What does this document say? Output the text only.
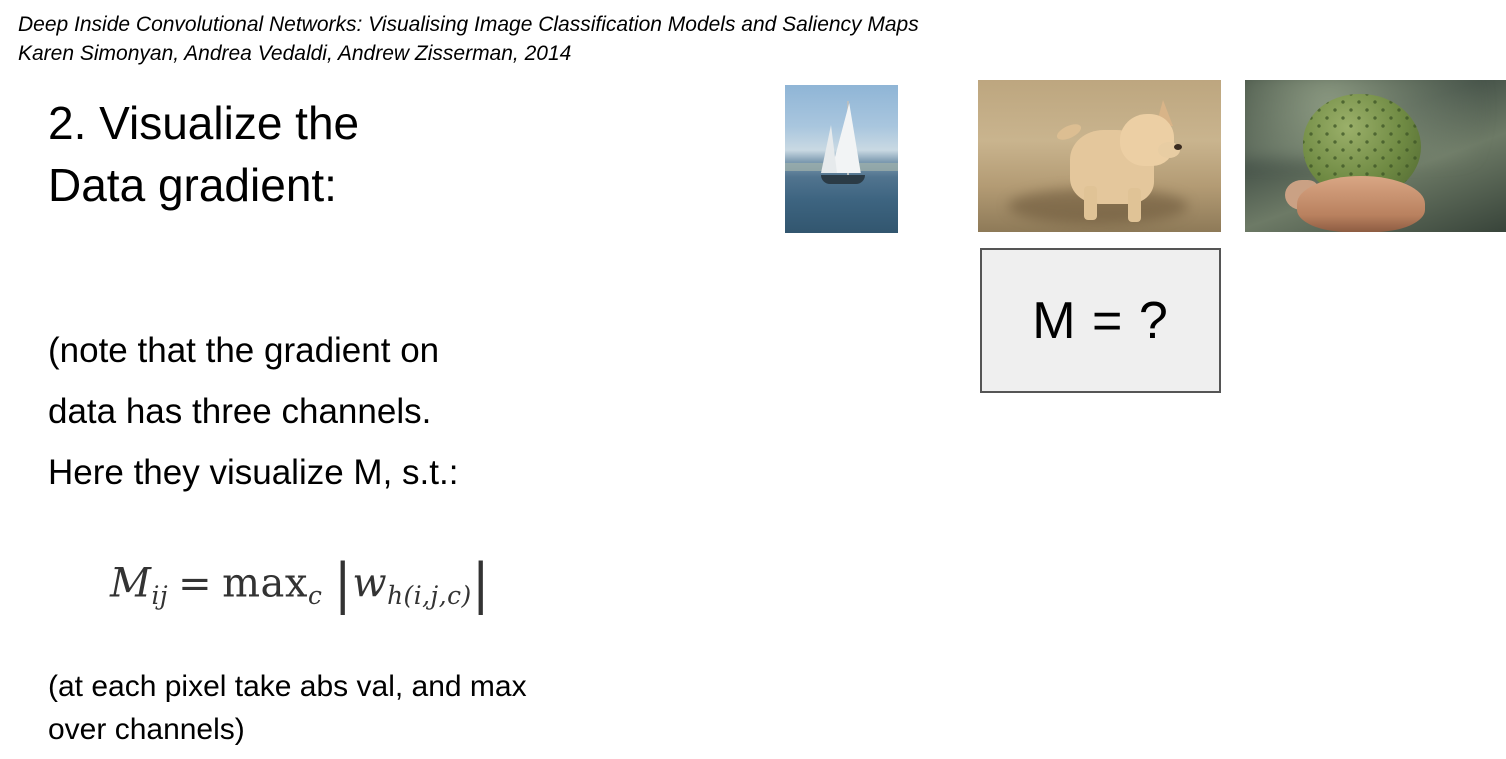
Deep Inside Convolutional Networks: Visualising Image Classification Models and Saliency Maps
Karen Simonyan, Andrea Vedaldi, Andrew Zisserman, 2014
2. Visualize the
Data gradient:
(note that the gradient on
data has three channels.
Here they visualize M, s.t.:
$M_{ij} = \max_c |w_{h(i,j,c)}|$
(at each pixel take abs val, and max
over channels)
M = ?
